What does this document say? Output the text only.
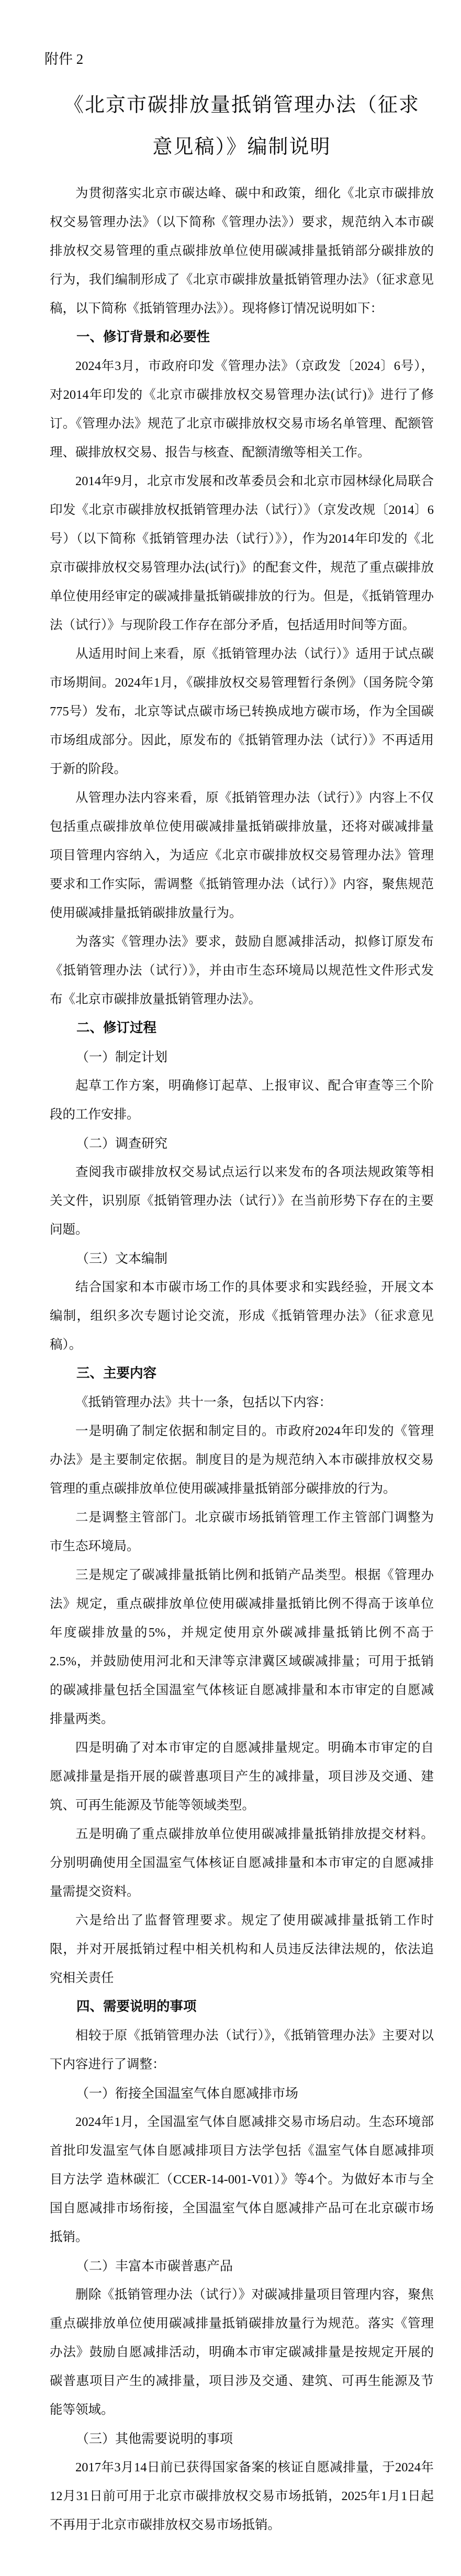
附件 2
《北京市碳排放量抵销管理办法（征求意见稿）》编制说明
为贯彻落实北京市碳达峰、碳中和政策，细化《北京市碳排放权交易管理办法》（以下简称《管理办法》）要求，规范纳入本市碳排放权交易管理的重点碳排放单位使用碳减排量抵销部分碳排放的行为，我们编制形成了《北京市碳排放量抵销管理办法》（征求意见稿，以下简称《抵销管理办法》）。现将修订情况说明如下：
一、修订背景和必要性
2024年3月，市政府印发《管理办法》（京政发〔2024〕6号），对2014年印发的《北京市碳排放权交易管理办法(试行)》进行了修订。《管理办法》规范了北京市碳排放权交易市场名单管理、配额管理、碳排放权交易、报告与核查、配额清缴等相关工作。
2014年9月，北京市发展和改革委员会和北京市园林绿化局联合印发《北京市碳排放权抵销管理办法（试行）》（京发改规〔2014〕6号）（以下简称《抵销管理办法（试行）》），作为2014年印发的《北京市碳排放权交易管理办法(试行)》的配套文件，规范了重点碳排放单位使用经审定的碳减排量抵销碳排放的行为。但是，《抵销管理办法（试行）》与现阶段工作存在部分矛盾，包括适用时间等方面。
从适用时间上来看，原《抵销管理办法（试行）》适用于试点碳市场期间。2024年1月，《碳排放权交易管理暂行条例》（国务院令第775号）发布，北京等试点碳市场已转换成地方碳市场，作为全国碳市场组成部分。因此，原发布的《抵销管理办法（试行）》不再适用于新的阶段。
从管理办法内容来看，原《抵销管理办法（试行）》内容上不仅包括重点碳排放单位使用碳减排量抵销碳排放量，还将对碳减排量项目管理内容纳入，为适应《北京市碳排放权交易管理办法》管理要求和工作实际，需调整《抵销管理办法（试行）》内容，聚焦规范使用碳减排量抵销碳排放量行为。
为落实《管理办法》要求，鼓励自愿减排活动，拟修订原发布《抵销管理办法（试行）》，并由市生态环境局以规范性文件形式发布《北京市碳排放量抵销管理办法》。
二、修订过程
（一）制定计划
起草工作方案，明确修订起草、上报审议、配合审查等三个阶段的工作安排。
（二）调查研究
查阅我市碳排放权交易试点运行以来发布的各项法规政策等相关文件，识别原《抵销管理办法（试行）》在当前形势下存在的主要问题。
（三）文本编制
结合国家和本市碳市场工作的具体要求和实践经验，开展文本编制，组织多次专题讨论交流，形成《抵销管理办法》（征求意见稿）。
三、主要内容
《抵销管理办法》共十一条，包括以下内容：
一是明确了制定依据和制定目的。市政府2024年印发的《管理办法》是主要制定依据。制度目的是为规范纳入本市碳排放权交易管理的重点碳排放单位使用碳减排量抵销部分碳排放的行为。
二是调整主管部门。北京碳市场抵销管理工作主管部门调整为市生态环境局。
三是规定了碳减排量抵销比例和抵销产品类型。根据《管理办法》规定，重点碳排放单位使用碳减排量抵销比例不得高于该单位年度碳排放量的5%，并规定使用京外碳减排量抵销比例不高于2.5%，并鼓励使用河北和天津等京津冀区域碳减排量；可用于抵销的碳减排量包括全国温室气体核证自愿减排量和本市审定的自愿减排量两类。
四是明确了对本市审定的自愿减排量规定。明确本市审定的自愿减排量是指开展的碳普惠项目产生的减排量，项目涉及交通、建筑、可再生能源及节能等领域类型。
五是明确了重点碳排放单位使用碳减排量抵销排放提交材料。分别明确使用全国温室气体核证自愿减排量和本市审定的自愿减排量需提交资料。
六是给出了监督管理要求。规定了使用碳减排量抵销工作时限，并对开展抵销过程中相关机构和人员违反法律法规的，依法追究相关责任
四、需要说明的事项
相较于原《抵销管理办法（试行）》，《抵销管理办法》主要对以下内容进行了调整：
（一）衔接全国温室气体自愿减排市场
2024年1月，全国温室气体自愿减排交易市场启动。生态环境部首批印发温室气体自愿减排项目方法学包括《温室气体自愿减排项目方法学 造林碳汇（CCER-14-001-V01）》等4个。为做好本市与全国自愿减排市场衔接，全国温室气体自愿减排产品可在北京碳市场抵销。
（二）丰富本市碳普惠产品
删除《抵销管理办法（试行）》对碳减排量项目管理内容，聚焦重点碳排放单位使用碳减排量抵销碳排放量行为规范。落实《管理办法》鼓励自愿减排活动，明确本市审定碳减排量是按规定开展的碳普惠项目产生的减排量，项目涉及交通、建筑、可再生能源及节能等领域。
（三）其他需要说明的事项
2017年3月14日前已获得国家备案的核证自愿减排量，于2024年12月31日前可用于北京市碳排放权交易市场抵销，2025年1月1日起不再用于北京市碳排放权交易市场抵销。
